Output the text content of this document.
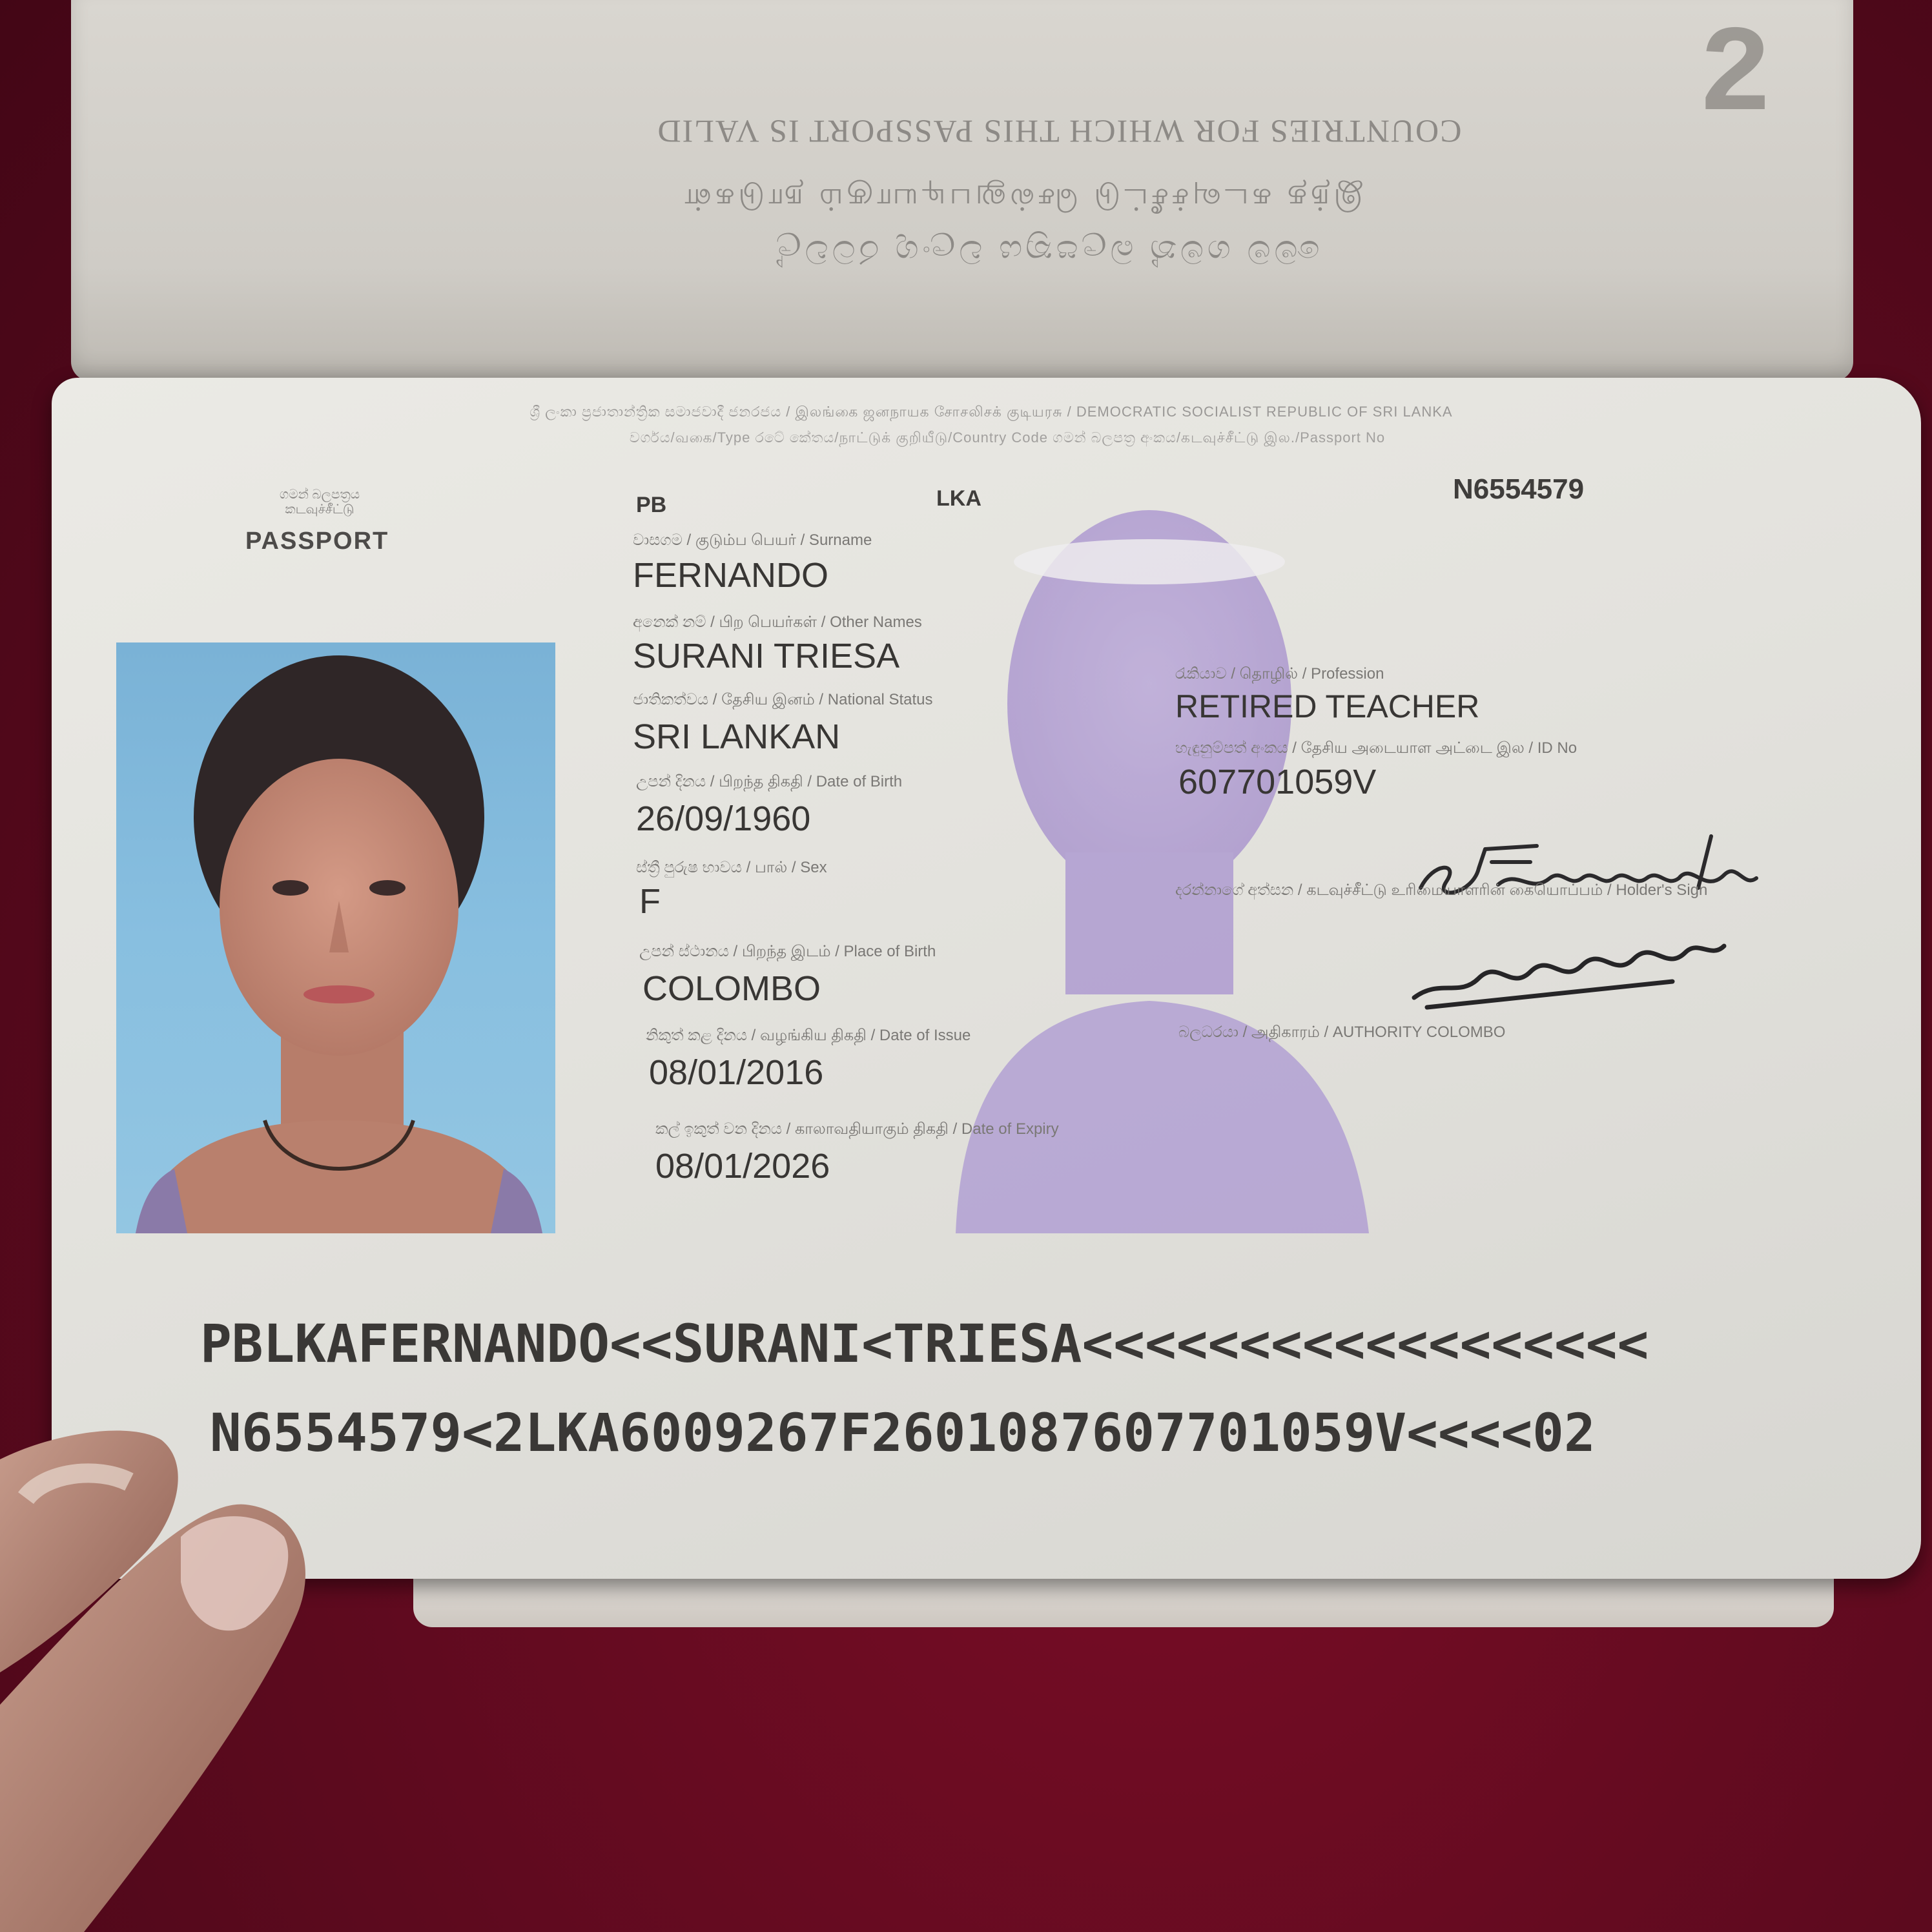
COUNTRIES FOR WHICH THIS PASSPORT IS VALID
இந்த கடவுச்சீட்டு செல்லுபடியாகும் நாடுகள்
මෙම ගමන් බලපත්‍රය වලංගු රටවල්
2
ශ්‍රී ලංකා ප්‍රජාතාන්ත්‍රික සමාජවාදී ජනරජය / இலங்கை ஜனநாயக சோசலிசக் குடியரசு / DEMOCRATIC SOCIALIST REPUBLIC OF SRI LANKA
වර්ගය/வகை/Type රටේ කේතය/நாட்டுக் குறியீடு/Country Code ගමන් බලපත්‍ර අංකය/கடவுச்சீட்டு இல./Passport No
ගමන් බලපත්‍රය කடவுச்சீட்டு
PASSPORT
PB	LKA	N6554579
වාසගම / குடும்ப பெயர் / Surname
FERNANDO
අනෙක් නම් / பிற பெயர்கள் / Other Names
SURANI TRIESA
ජාතිකත්වය / தேசிய இனம் / National Status
SRI LANKAN
උපන් දිනය / பிறந்த திகதி / Date of Birth
26/09/1960
ස්ත්‍රී පුරුෂ භාවය / பால் / Sex
F
උපන් ස්ථානය / பிறந்த இடம் / Place of Birth
COLOMBO
නිකුත් කළ දිනය / வழங்கிய திகதி / Date of Issue
08/01/2016
කල් ඉකුත් වන දිනය / காலாவதியாகும் திகதி / Date of Expiry
08/01/2026
රැකියාව / தொழில் / Profession
RETIRED TEACHER
හැඳුනුම්පත් අංකය / தேசிய அடையாள அட்டை இல / ID No
607701059V
දරන්නාගේ අත්සන / கடவுச்சீட்டு உரிமையாளரின் கையொப்பம் / Holder's Sign
බලධරයා / அதிகாரம் / AUTHORITY COLOMBO
PBLKAFERNANDO<<SURANI<TRIESA<<<<<<<<<<<<<<<<<<
N6554579<2LKA6009267F2601087607701059V<<<<02
